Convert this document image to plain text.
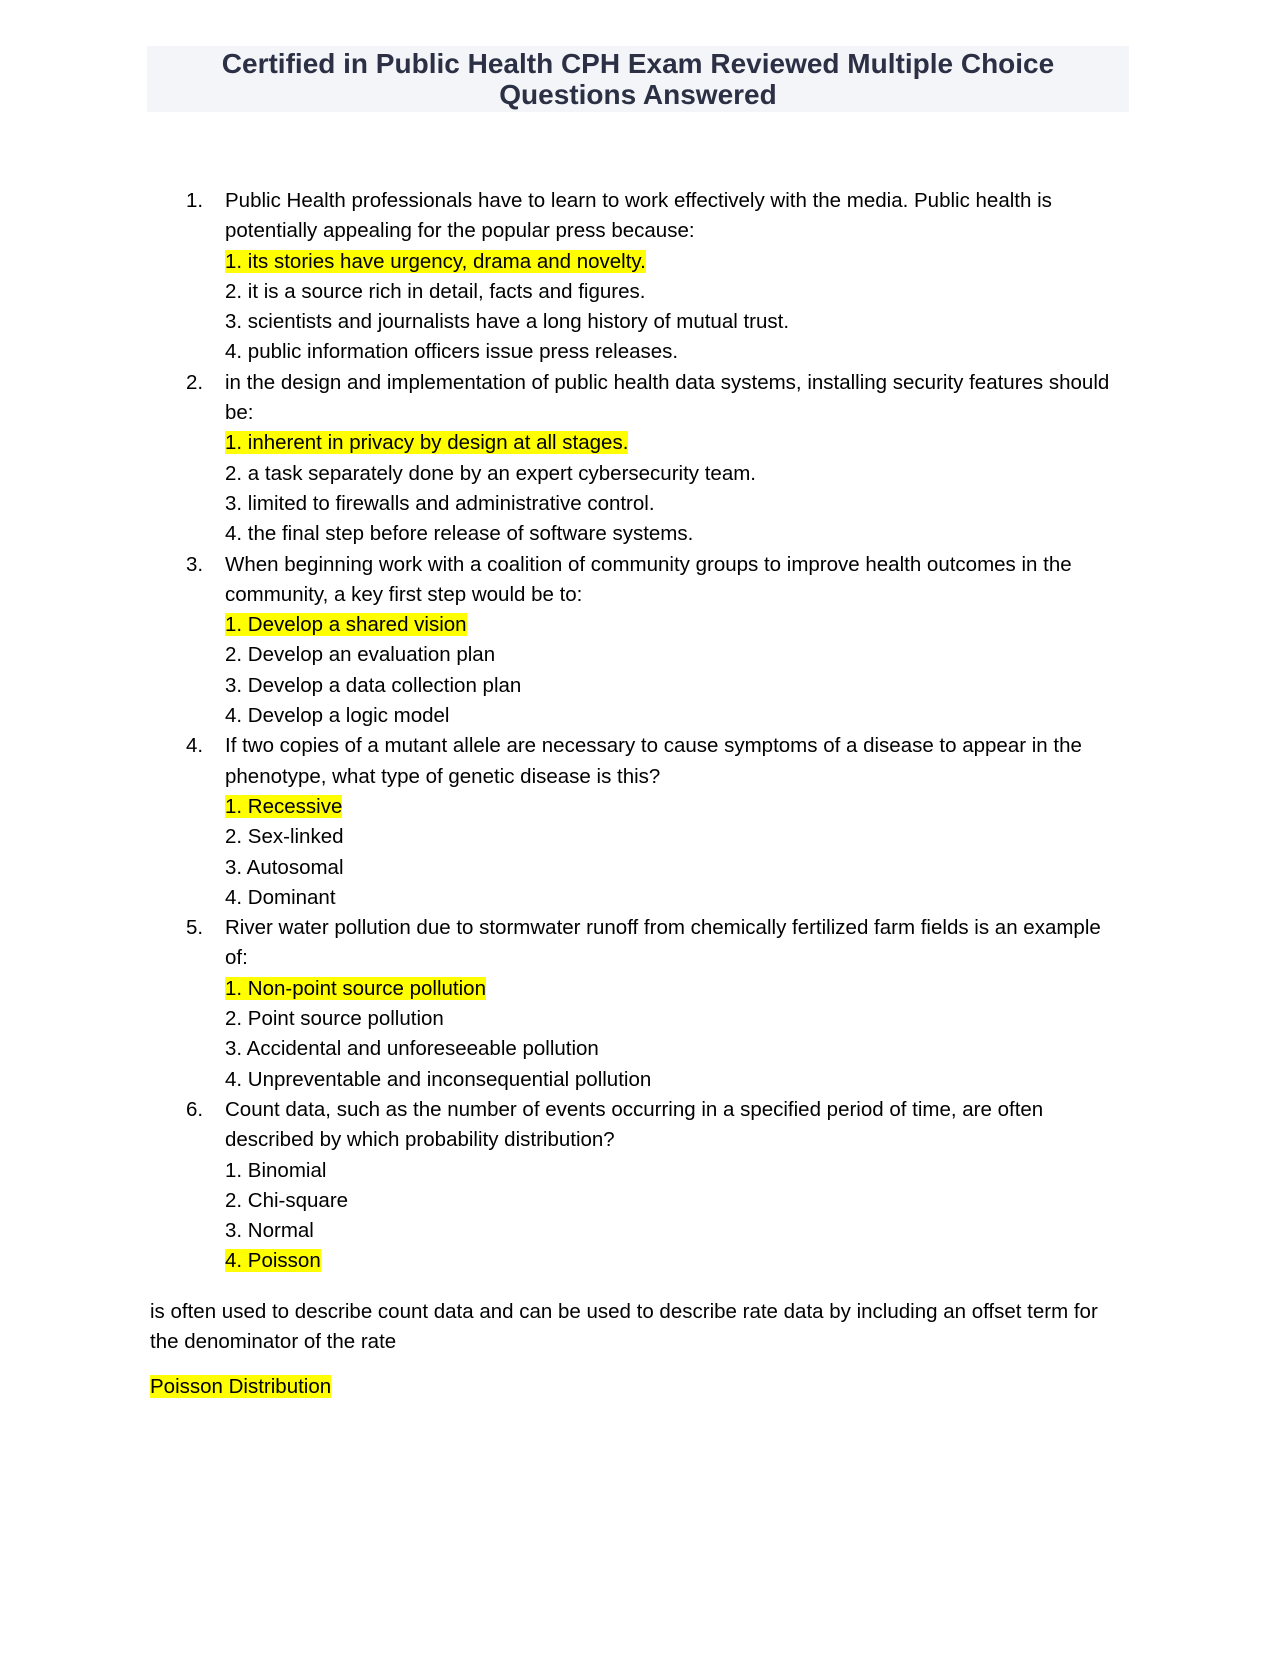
Certified in Public Health CPH Exam Reviewed Multiple Choice
Questions Answered
1.	Public Health professionals have to learn to work effectively with the media. Public health is potentially appealing for the popular press because:
1. its stories have urgency, drama and novelty.
2. it is a source rich in detail, facts and figures.
3. scientists and journalists have a long history of mutual trust.
4. public information officers issue press releases.
2.	in the design and implementation of public health data systems, installing security features should be:
1. inherent in privacy by design at all stages.
2. a task separately done by an expert cybersecurity team.
3. limited to firewalls and administrative control.
4. the final step before release of software systems.
3.	When beginning work with a coalition of community groups to improve health outcomes in the community, a key first step would be to:
1. Develop a shared vision
2. Develop an evaluation plan
3. Develop a data collection plan
4. Develop a logic model
4.	If two copies of a mutant allele are necessary to cause symptoms of a disease to appear in the phenotype, what type of genetic disease is this?
1. Recessive
2. Sex-linked
3. Autosomal
4. Dominant
5.	River water pollution due to stormwater runoff from chemically fertilized farm fields is an example of:
1. Non-point source pollution
2. Point source pollution
3. Accidental and unforeseeable pollution
4. Unpreventable and inconsequential pollution
6.	Count data, such as the number of events occurring in a specified period of time, are often described by which probability distribution?
1. Binomial
2. Chi-square
3. Normal
4. Poisson
is often used to describe count data and can be used to describe rate data by including an offset term for the denominator of the rate
Poisson Distribution
